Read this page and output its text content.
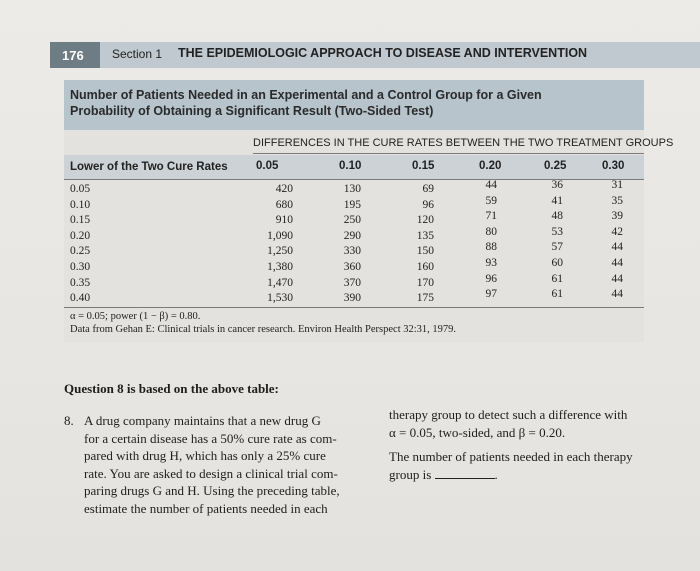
176 Section 1 THE EPIDEMIOLOGIC APPROACH TO DISEASE AND INTERVENTION
Number of Patients Needed in an Experimental and a Control Group for a Given
Probability of Obtaining a Significant Result (Two-Sided Test)
DIFFERENCES IN THE CURE RATES BETWEEN THE TWO TREATMENT GROUPS
Lower of the Two Cure Rates 0.05	0.10	0.15	0.20	0.25	0.30
0.05	420	130	69	44	36	31
0.10	680	195	96	59	41	35
0.15	910	250	120	71	48	39
0.20	1,090	290	135	80	53	42
0.25	1,250	330	150	88	57	44
0.30	1,380	360	160	93	60	44
0.35	1,470	370	170	96	61	44
0.40	1,530	390	175	97	61	44
α = 0.05; power (1 − β) = 0.80.
Data from Gehan E: Clinical trials in cancer research. Environ Health Perspect 32:31, 1979.
Question 8 is based on the above table:
8. A drug company maintains that a new drug G
for a certain disease has a 50% cure rate as com-
pared with drug H, which has only a 25% cure
rate. You are asked to design a clinical trial com-
paring drugs G and H. Using the preceding table,
estimate the number of patients needed in each
therapy group to detect such a difference with
α = 0.05, two-sided, and β = 0.20.
The number of patients needed in each therapy
group is	.
